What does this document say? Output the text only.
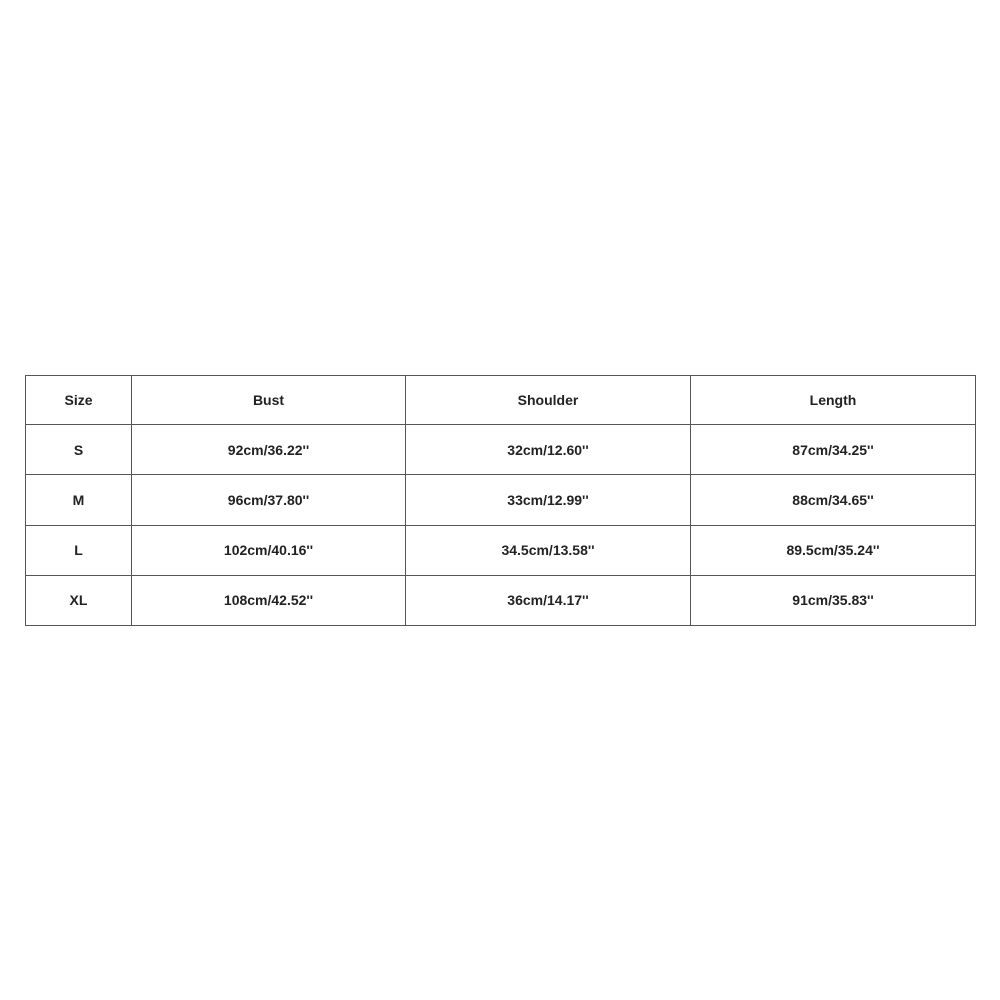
Size	Bust	Shoulder	Length
S	92cm/36.22''	32cm/12.60''	87cm/34.25''
M	96cm/37.80''	33cm/12.99''	88cm/34.65''
L	102cm/40.16''	34.5cm/13.58''	89.5cm/35.24''
XL	108cm/42.52''	36cm/14.17''	91cm/35.83''
